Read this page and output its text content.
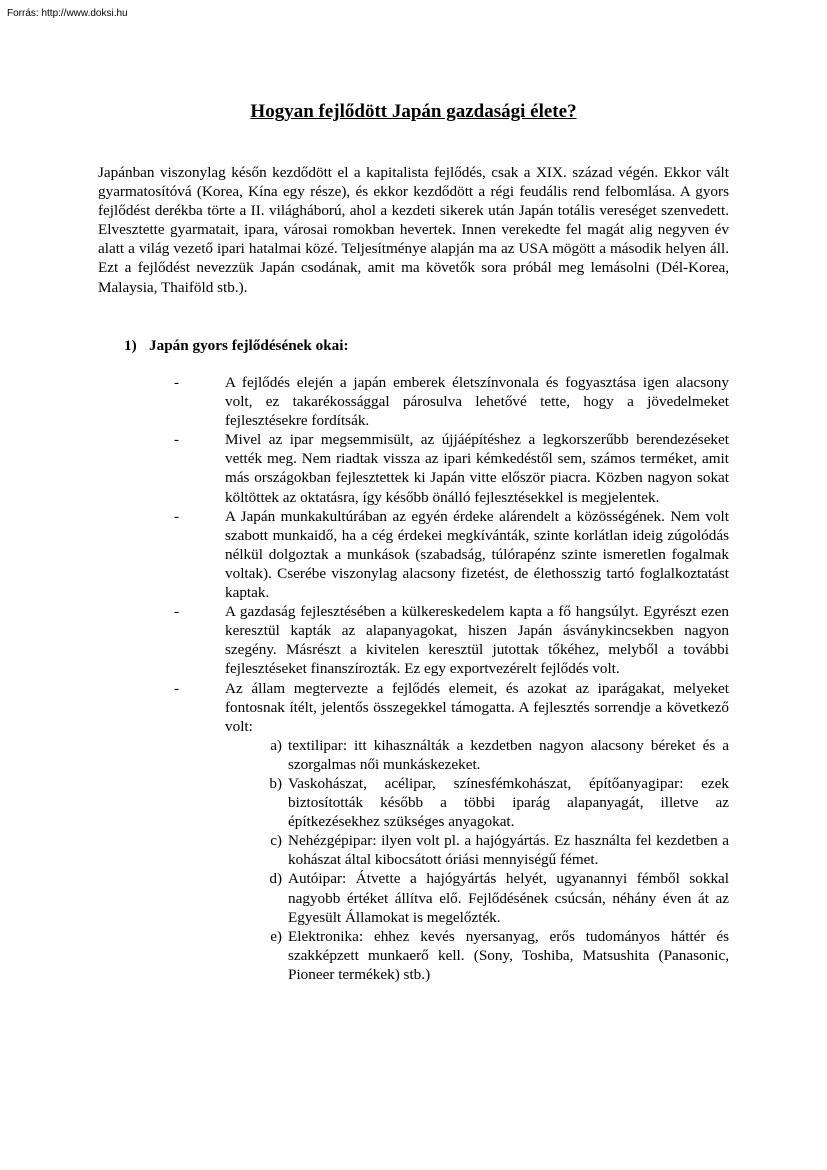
Forrás: http://www.doksi.hu
Hogyan fejlődött Japán gazdasági élete?
Japánban viszonylag későn kezdődött el a kapitalista fejlődés, csak a XIX. század végén. Ekkor vált gyarmatosítóvá (Korea, Kína egy része), és ekkor kezdődött a régi feudális rend felbomlása. A gyors fejlődést derékba törte a II. világháború, ahol a kezdeti sikerek után Japán totális vereséget szenvedett. Elvesztette gyarmatait, ipara, városai romokban hevertek. Innen verekedte fel magát alig negyven év alatt a világ vezető ipari hatalmai közé. Teljesítménye alapján ma az USA mögött a második helyen áll. Ezt a fejlődést nevezzük Japán csodának, amit ma követők sora próbál meg lemásolni (Dél-Korea, Malaysia, Thaiföld stb.).
1) Japán gyors fejlődésének okai:
-	A fejlődés elején a japán emberek életszínvonala és fogyasztása igen alacsony volt, ez takarékossággal párosulva lehetővé tette, hogy a jövedelmeket fejlesztésekre fordítsák.
-	Mivel az ipar megsemmisült, az újjáépítéshez a legkorszerűbb berendezéseket vették meg. Nem riadtak vissza az ipari kémkedéstől sem, számos terméket, amit más országokban fejlesztettek ki Japán vitte először piacra. Közben nagyon sokat költöttek az oktatásra, így később önálló fejlesztésekkel is megjelentek.
-	A Japán munkakultúrában az egyén érdeke alárendelt a közösségének. Nem volt szabott munkaidő, ha a cég érdekei megkívánták, szinte korlátlan ideig zúgolódás nélkül dolgoztak a munkások (szabadság, túlórapénz szinte ismeretlen fogalmak voltak). Cserébe viszonylag alacsony fizetést, de élethosszig tartó foglalkoztatást kaptak.
-	A gazdaság fejlesztésében a külkereskedelem kapta a fő hangsúlyt. Egyrészt ezen keresztül kapták az alapanyagokat, hiszen Japán ásványkincsekben nagyon szegény. Másrészt a kivitelen keresztül jutottak tőkéhez, melyből a további fejlesztéseket finanszírozták. Ez egy exportvezérelt fejlődés volt.
-	Az állam megtervezte a fejlődés elemeit, és azokat az iparágakat, melyeket fontosnak ítélt, jelentős összegekkel támogatta. A fejlesztés sorrendje a következő volt:
a) textilipar: itt kihasználták a kezdetben nagyon alacsony béreket és a szorgalmas női munkáskezeket.
b) Vaskohászat, acélipar, színesfémkohászat, építőanyagipar: ezek biztosították később a többi iparág alapanyagát, illetve az építkezésekhez szükséges anyagokat.
c) Nehézgépipar: ilyen volt pl. a hajógyártás. Ez használta fel kezdetben a kohászat által kibocsátott óriási mennyiségű fémet.
d) Autóipar: Átvette a hajógyártás helyét, ugyanannyi fémből sokkal nagyobb értéket állítva elő. Fejlődésének csúcsán, néhány éven át az Egyesült Államokat is megelőzték.
e) Elektronika: ehhez kevés nyersanyag, erős tudományos háttér és szakképzett munkaerő kell. (Sony, Toshiba, Matsushita (Panasonic, Pioneer termékek) stb.)
